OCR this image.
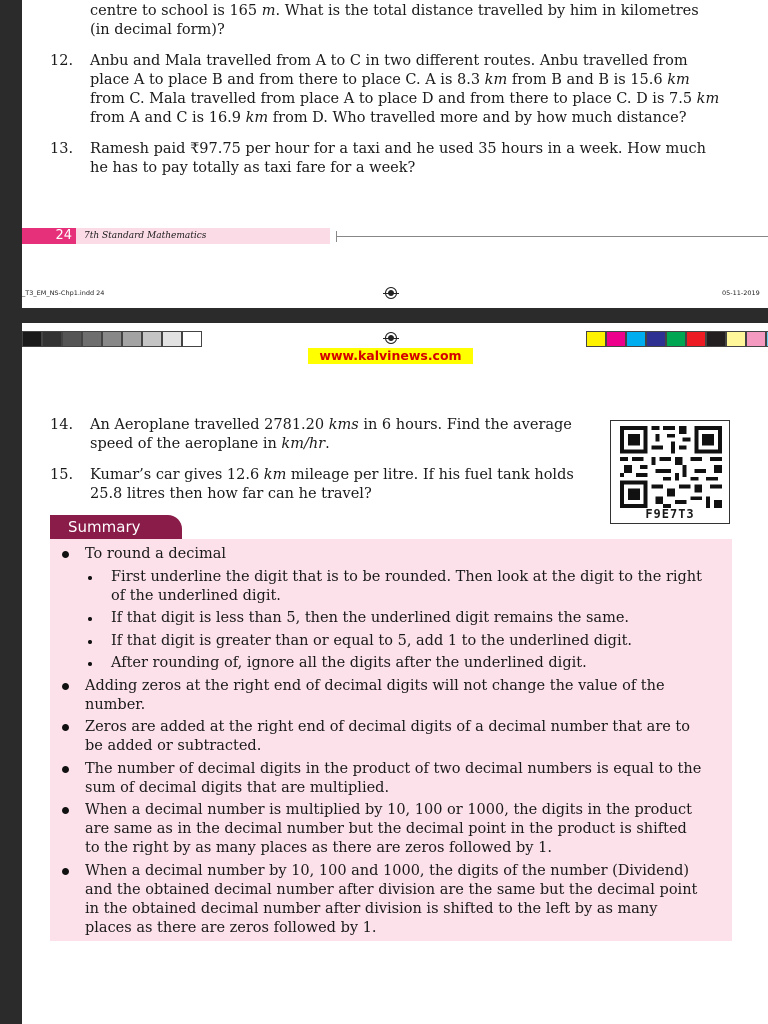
centre to school is 165 m. What is the total distance travelled by him in kilometres
(in decimal form)?
12. Anbu and Mala travelled from A to C in two different routes. Anbu travelled from
place A to place B and from there to place C. A is 8.3 km from B and B is 15.6 km
from C. Mala travelled from place A to place D and from there to place C. D is 7.5 km
from A and C is 16.9 km from D. Who travelled more and by how much distance?
13. Ramesh paid ₹97.75 per hour for a taxi and he used 35 hours in a week. How much
he has to pay totally as taxi fare for a week?
24	7th Standard Mathematics
_T3_EM_NS-Chp1.indd 24	05-11-2019
www.kalvinews.com
14. An Aeroplane travelled 2781.20 kms in 6 hours. Find the average
speed of the aeroplane in km/hr.
15. Kumar’s car gives 12.6 km mileage per litre. If his fuel tank holds
25.8 litres then how far can he travel?
F9E7T3
Summary
To round a decimal
First underline the digit that is to be rounded. Then look at the digit to the right
of the underlined digit.
If that digit is less than 5, then the underlined digit remains the same.
If that digit is greater than or equal to 5, add 1 to the underlined digit.
After rounding of, ignore all the digits after the underlined digit.
Adding zeros at the right end of decimal digits will not change the value of the
number.
Zeros are added at the right end of decimal digits of a decimal number that are to
be added or subtracted.
The number of decimal digits in the product of two decimal numbers is equal to the
sum of decimal digits that are multiplied.
When a decimal number is multiplied by 10, 100 or 1000, the digits in the product
are same as in the decimal number but the decimal point in the product is shifted
to the right by as many places as there are zeros followed by 1.
When a decimal number by 10, 100 and 1000, the digits of the number (Dividend)
and the obtained decimal number after division are the same but the decimal point
in the obtained decimal number after division is shifted to the left by as many
places as there are zeros followed by 1.
